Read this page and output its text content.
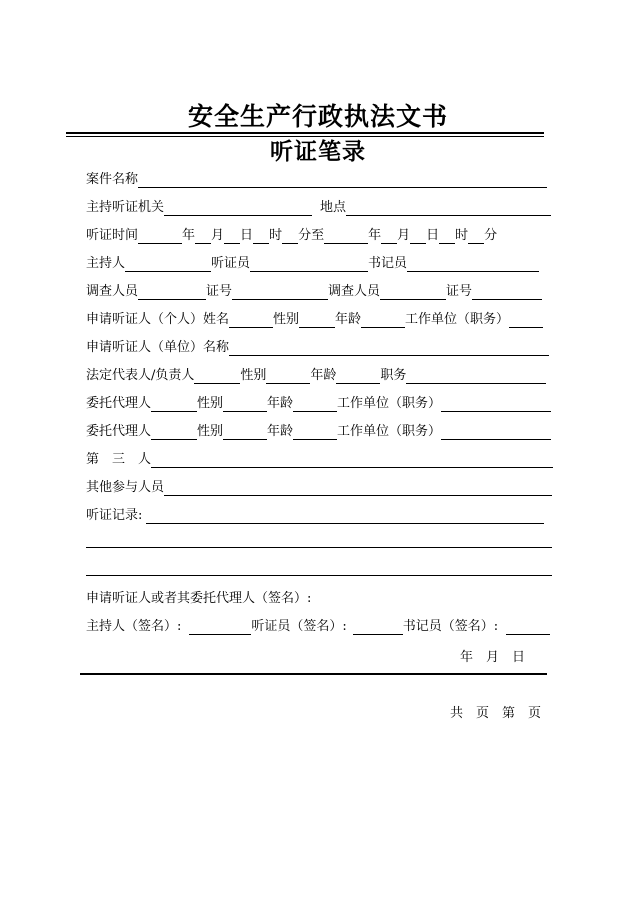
安全生产行政执法文书
听证笔录
案件名称
主持听证机关	地点
听证时间	年 月 日 时 分至	年 月 日 时 分
主持人	听证员	书记员
调查人员	证号	调查人员	证号
申请听证人（个人）姓名	性别	年龄	工作单位（职务）
申请听证人（单位）名称
法定代表人/负责人	性别	年龄	职务
委托代理人	性别	年龄	工作单位（职务）
委托代理人	性别	年龄	工作单位（职务）
第　三　人
其他参与人员
听证记录:
申请听证人或者其委托代理人（签名）:
主持人（签名）:	听证员（签名）:	书记员（签名）:
年　月　日
共　页　第　页
